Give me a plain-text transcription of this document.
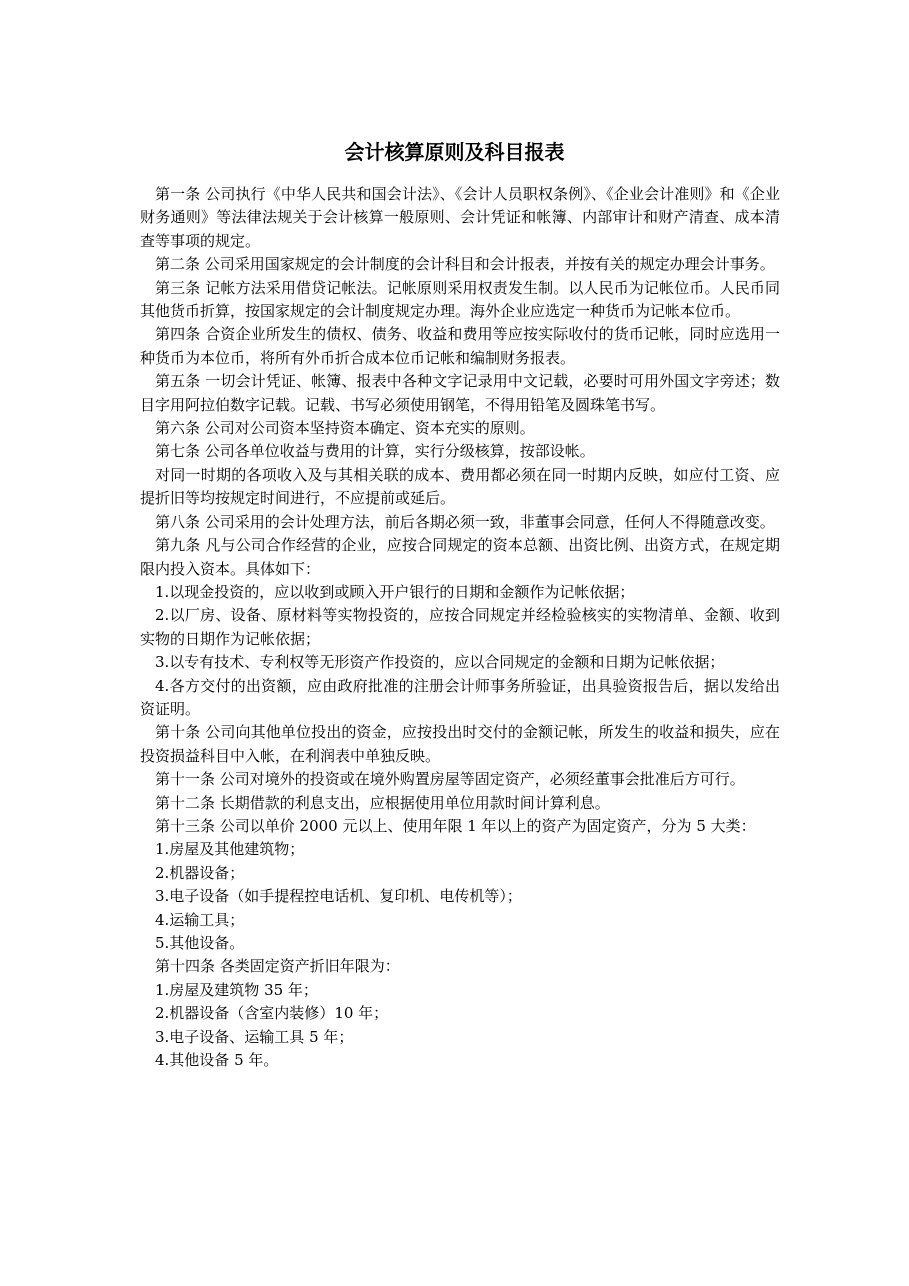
会计核算原则及科目报表

第一条 公司执行《中华人民共和国会计法》、《会计人员职权条例》、《企业会计准则》和《企业财务通则》等法律法规关于会计核算一般原则、会计凭证和帐簿、内部审计和财产清查、成本清查等事项的规定。

第二条 公司采用国家规定的会计制度的会计科目和会计报表，并按有关的规定办理会计事务。

第三条 记帐方法采用借贷记帐法。记帐原则采用权责发生制。以人民币为记帐位币。人民币同其他货币折算，按国家规定的会计制度规定办理。海外企业应选定一种货币为记帐本位币。

第四条 合资企业所发生的债权、债务、收益和费用等应按实际收付的货币记帐，同时应选用一种货币为本位币，将所有外币折合成本位币记帐和编制财务报表。

第五条 一切会计凭证、帐簿、报表中各种文字记录用中文记载，必要时可用外国文字旁述；数目字用阿拉伯数字记载。记载、书写必须使用钢笔，不得用铅笔及圆珠笔书写。

第六条 公司对公司资本坚持资本确定、资本充实的原则。

第七条 公司各单位收益与费用的计算，实行分级核算，按部设帐。

对同一时期的各项收入及与其相关联的成本、费用都必须在同一时期内反映，如应付工资、应提折旧等均按规定时间进行，不应提前或延后。

第八条 公司采用的会计处理方法，前后各期必须一致，非董事会同意，任何人不得随意改变。

第九条 凡与公司合作经营的企业，应按合同规定的资本总额、出资比例、出资方式，在规定期限内投入资本。具体如下：

1.以现金投资的，应以收到或顾入开户银行的日期和金额作为记帐依据；

2.以厂房、设备、原材料等实物投资的，应按合同规定并经检验核实的实物清单、金额、收到实物的日期作为记帐依据；

3.以专有技术、专利权等无形资产作投资的，应以合同规定的金额和日期为记帐依据；

4.各方交付的出资额，应由政府批准的注册会计师事务所验证，出具验资报告后，据以发给出资证明。

第十条 公司向其他单位投出的资金，应按投出时交付的金额记帐，所发生的收益和损失，应在投资损益科目中入帐，在利润表中单独反映。

第十一条 公司对境外的投资或在境外购置房屋等固定资产，必须经董事会批准后方可行。

第十二条 长期借款的利息支出，应根据使用单位用款时间计算利息。

第十三条 公司以单价 2000 元以上、使用年限 1 年以上的资产为固定资产，分为 5 大类：

1.房屋及其他建筑物；

2.机器设备；

3.电子设备（如手提程控电话机、复印机、电传机等）；

4.运输工具；

5.其他设备。

第十四条 各类固定资产折旧年限为：

1.房屋及建筑物 35 年；

2.机器设备（含室内装修）10 年；

3.电子设备、运输工具 5 年；

4.其他设备 5 年。
